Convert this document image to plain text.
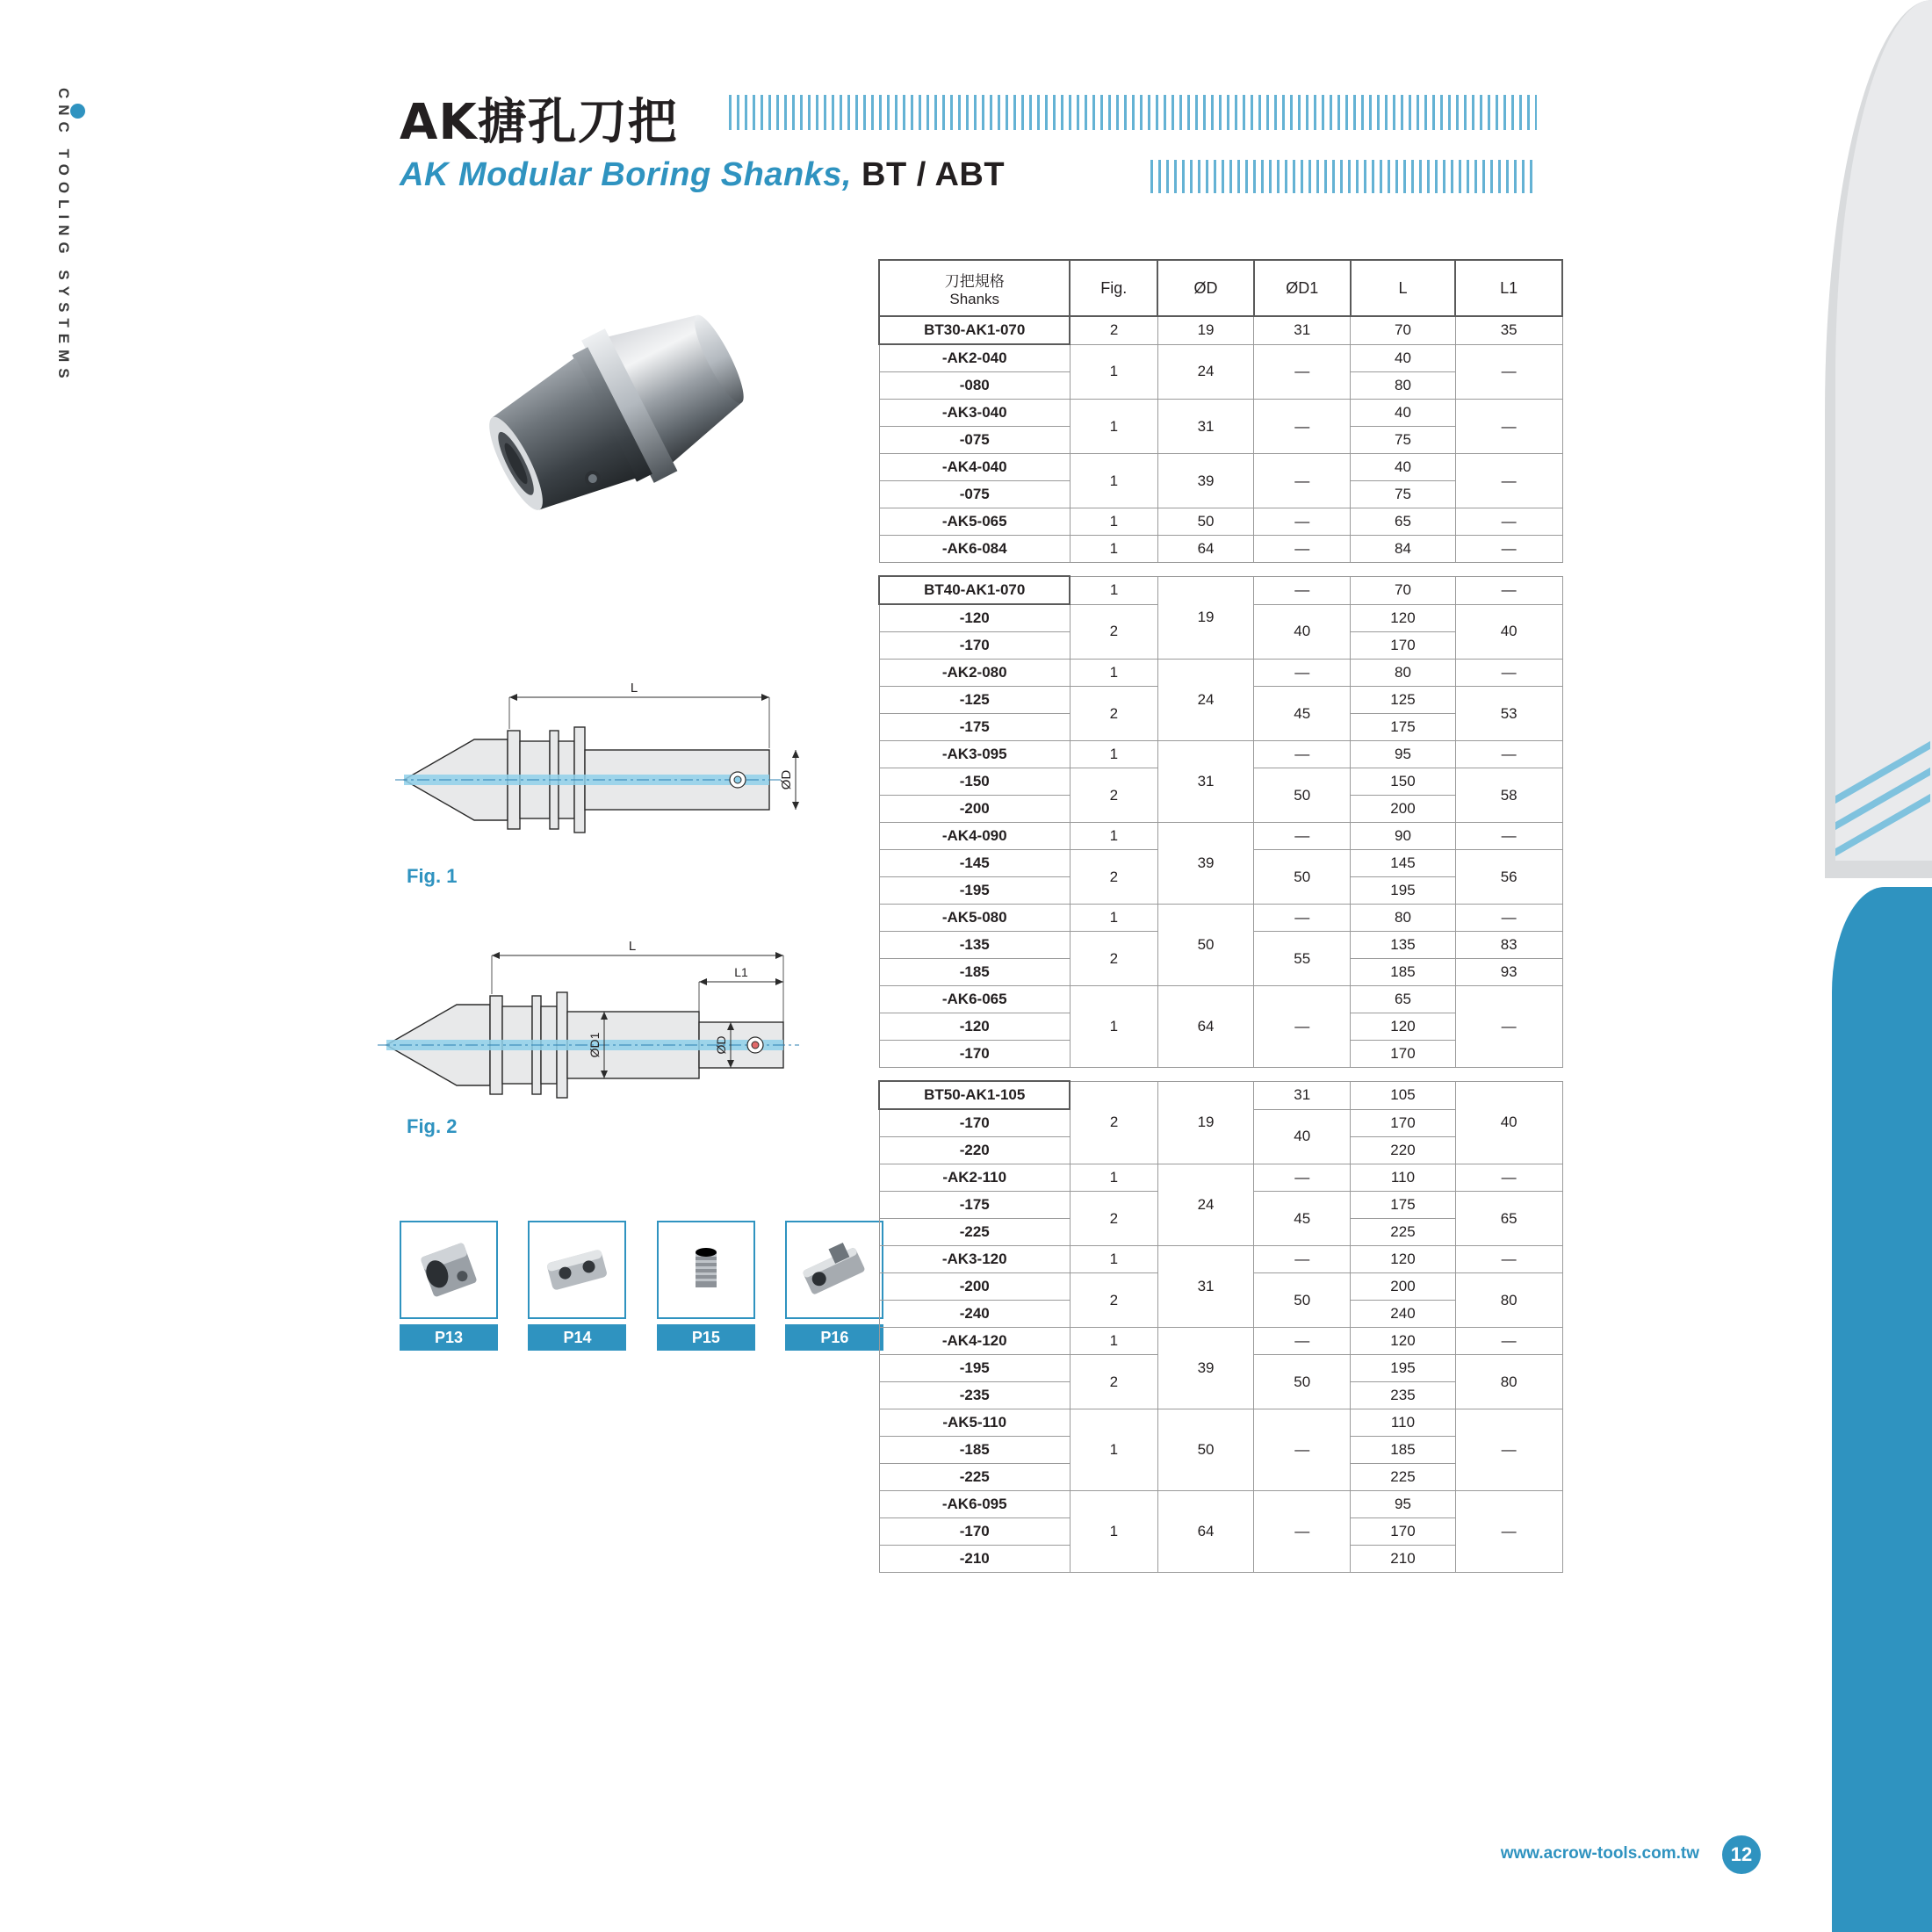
CNC TOOLING SYSTEMS	AK搪孔刀把
AK Modular Boring Shanks, BT / ABT
L
ØD
Fig. 1
L
L1
ØD1	ØD
Fig. 2
P13
	P14
	P15
	P16
刀把規格
Shanks	Fig.	ØD	ØD1	L	L1
BT30-AK1-070	2	19	31	70	35
-AK2-040	1	24	—	40	—
-080				80	
-AK3-040	1	31	—	40	—
-075				75	
-AK4-040	1	39	—	40	—
-075				75	
-AK5-065	1	50	—	65	—
-AK6-084	1	64	—	84	—

BT40-AK1-070	1	19	—	70	—
-120	2		40	120	40
-170				170	
-AK2-080	1	24	—	80	—
-125	2		45	125	53
-175				175	
-AK3-095	1	31	—	95	—
-150	2		50	150	58
-200				200	
-AK4-090	1	39	—	90	—
-145	2		50	145	56
-195				195	
-AK5-080	1	50	—	80	—
-135	2		55	135	83
-185				185	93
-AK6-065	1	64	—	65	—
-120				120	
-170				170	

BT50-AK1-105	2	19	31	105	40
-170			40	170	
-220				220	
-AK2-110	1	24	—	110	—
-175	2		45	175	65
-225				225	
-AK3-120	1	31	—	120	—
-200	2		50	200	80
-240				240	
-AK4-120	1	39	—	120	—
-195	2		50	195	80
-235				235	
-AK5-110	1	50	—	110	—
-185				185	
-225				225	
-AK6-095	1	64	—	95	—
-170				170	
-210				210	
www.acrow-tools.com.tw	12
